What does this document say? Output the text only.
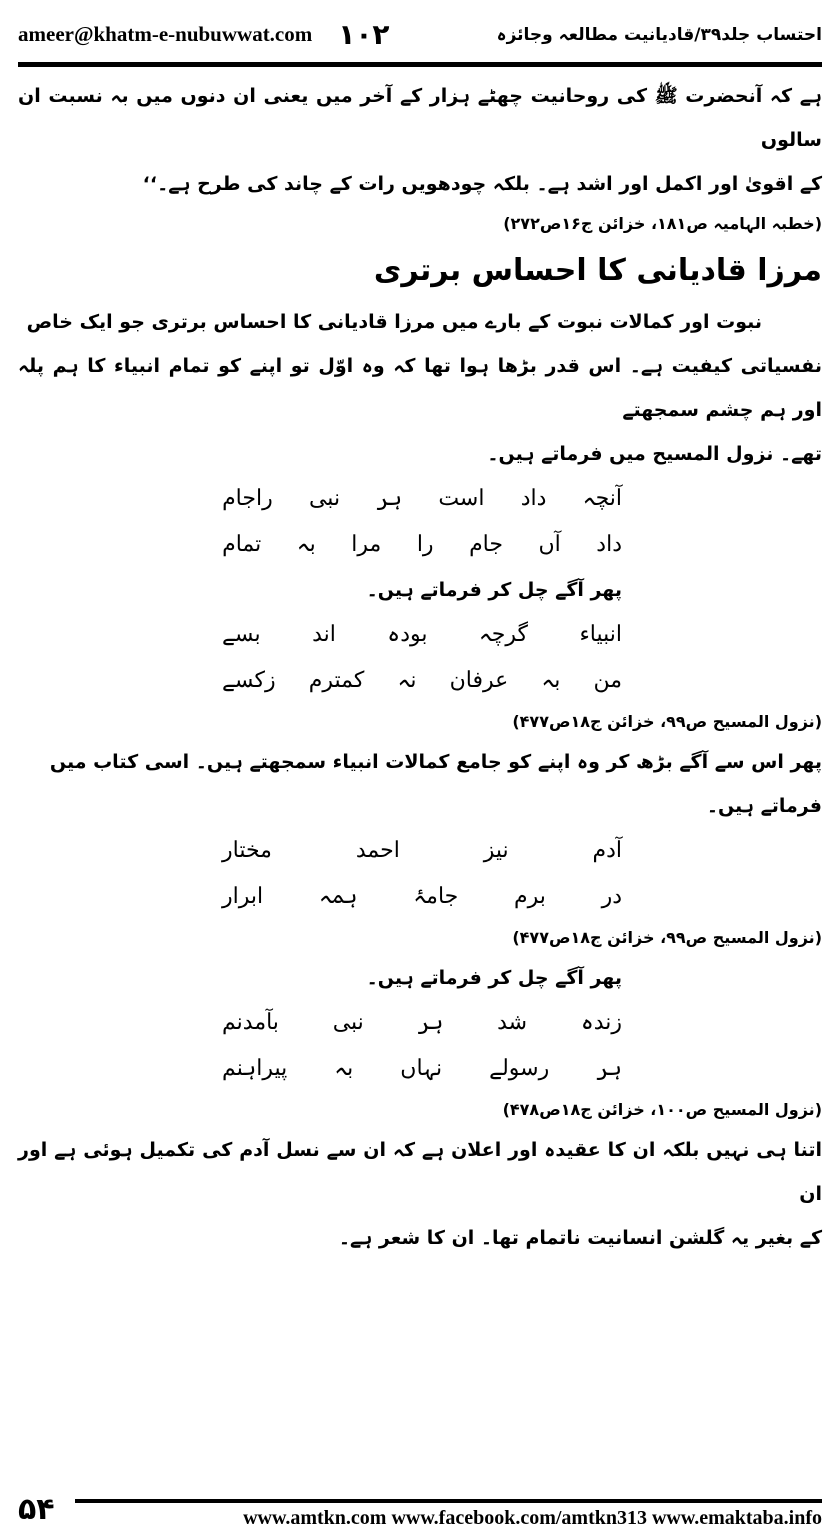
ameer@khatm-e-nubuwwat.com ۱۰۲	احتساب جلد۳۹/قادیانیت مطالعہ وجائزہ

ہے کہ آنحضرت ﷺ کی روحانیت چھٹے ہزار کے آخر میں یعنی ان دنوں میں بہ نسبت ان سالوں

کے اقویٰ اور اکمل اور اشد ہے۔ بلکہ چودھویں رات کے چاند کی طرح ہے۔‘‘

(خطبہ الہامیہ ص۱۸۱، خزائن ج۱۶ص۲۷۲)

مرزا قادیانی کا احساس برتری

نبوت اور کمالات نبوت کے بارے میں مرزا قادیانی کا احساس برتری جو ایک خاص

نفسیاتی کیفیت ہے۔ اس قدر بڑھا ہوا تھا کہ وہ اوّل تو اپنے کو تمام انبیاء کا ہم پلہ اور ہم چشم سمجھتے

تھے۔ نزول المسیح میں فرماتے ہیں۔

آنچہ
داد
است
ہر
نبی
راجام
داد
آں
جام
را
مرا
بہ
تمام

پھر آگے چل کر فرماتے ہیں۔

انبیاء
گرچہ
بودہ
اند
بسے
من
بہ
عرفان
نہ
کمترم
زکسے

(نزول المسیح ص۹۹، خزائن ج۱۸ص۴۷۷)

پھر اس سے آگے بڑھ کر وہ اپنے کو جامع کمالات انبیاء سمجھتے ہیں۔ اسی کتاب میں

فرماتے ہیں۔

آدم
نیز
احمد
مختار
در
برم
جامۂ
ہمہ
ابرار

(نزول المسیح ص۹۹، خزائن ج۱۸ص۴۷۷)

پھر آگے چل کر فرماتے ہیں۔

زندہ
شد
ہر
نبی
بآمدنم
ہر
رسولے
نہاں
بہ
پیراہنم

(نزول المسیح ص۱۰۰، خزائن ج۱۸ص۴۷۸)

اتنا ہی نہیں بلکہ ان کا عقیدہ اور اعلان ہے کہ ان سے نسل آدم کی تکمیل ہوئی ہے اور ان

کے بغیر یہ گلشن انسانیت ناتمام تھا۔ ان کا شعر ہے۔

۵۴	www.amtkn.com www.facebook.com/amtkn313 www.emaktaba.info
